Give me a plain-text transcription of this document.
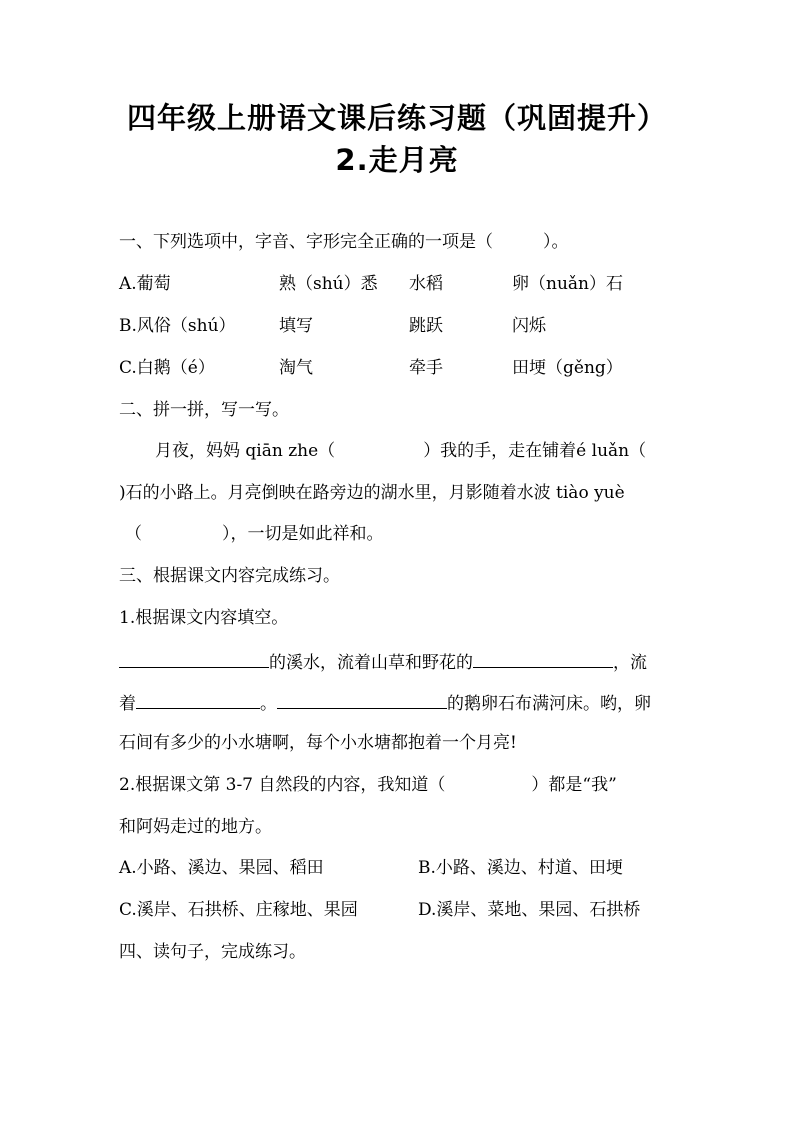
四年级上册语文课后练习题（巩固提升）
2.走月亮
一、下列选项中，字音、字形完全正确的一项是（	）。
A.葡萄	熟（shú）悉 水稻	卵（nuǎn）石
B.风俗（shú）	填写	跳跃	闪烁
C.白鹅（é）	淘气	牵手	田埂（gěng）
二、拼一拼，写一写。
月夜，妈妈 qiān zhe（	）我的手，走在铺着é luǎn（
)石的小路上。月亮倒映在路旁边的湖水里，月影随着水波 tiào yuè
（	），一切是如此祥和。
三、根据课文内容完成练习。
1.根据课文内容填空。
的溪水，流着山草和野花的	，流
着	。	的鹅卵石布满河床。哟，卵
石间有多少的小水塘啊，每个小水塘都抱着一个月亮!
2.根据课文第 3-7 自然段的内容，我知道（	）都是“我”
和阿妈走过的地方。
A.小路、溪边、果园、稻田	B.小路、溪边、村道、田埂
C.溪岸、石拱桥、庄稼地、果园	D.溪岸、菜地、果园、石拱桥
四、读句子，完成练习。
